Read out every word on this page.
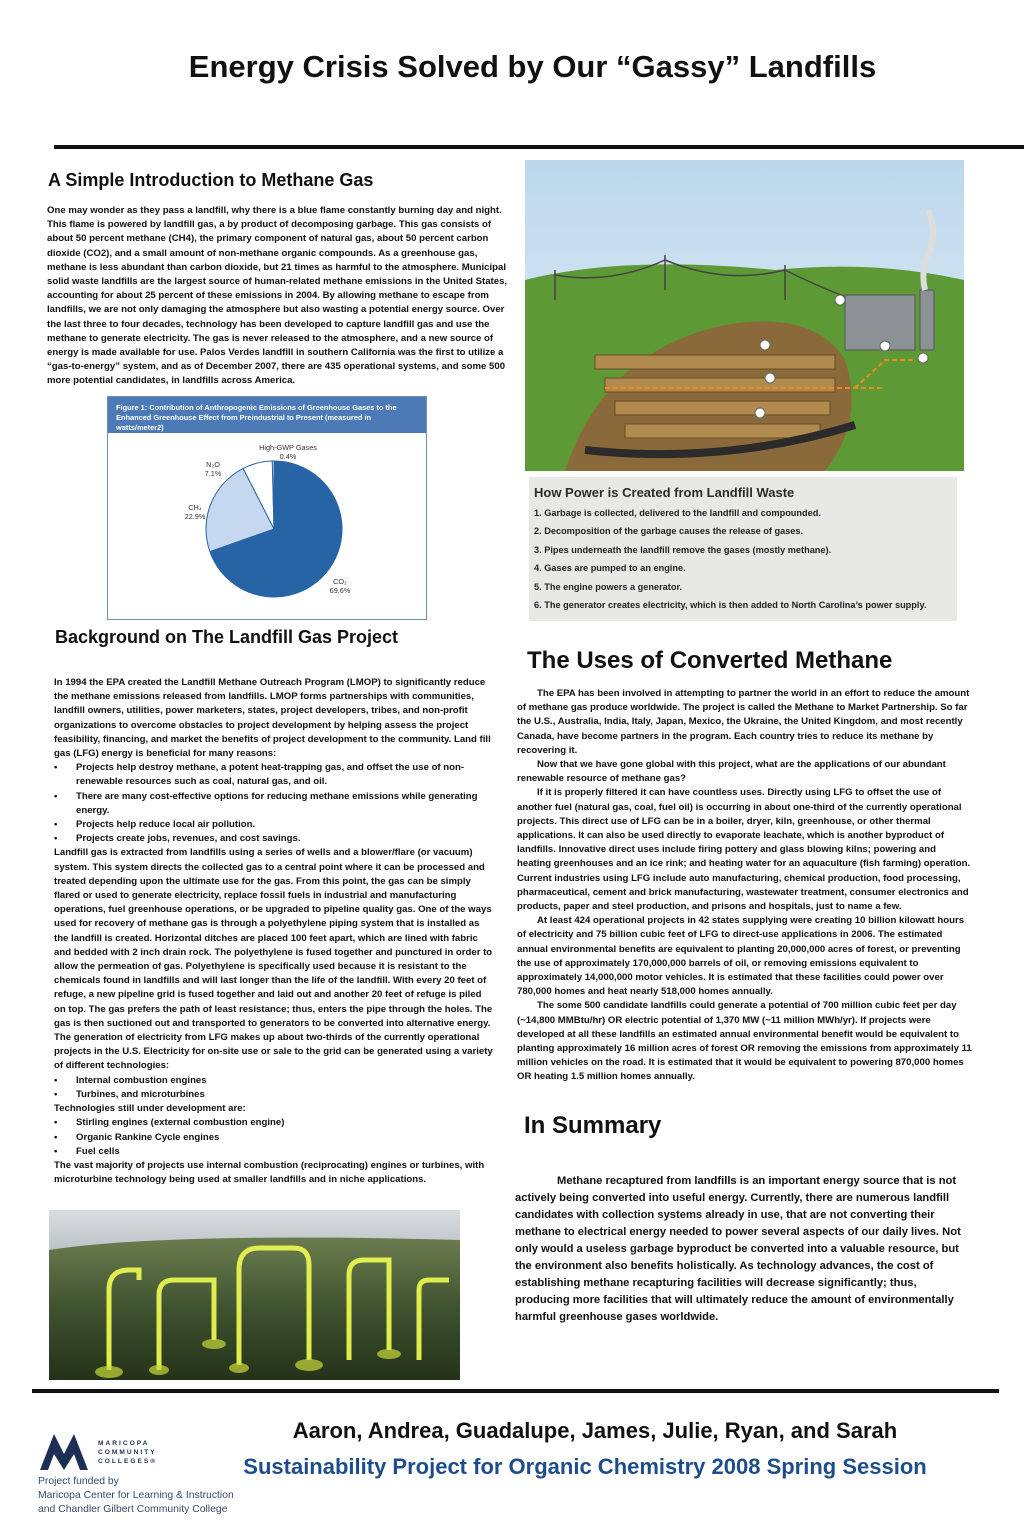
Energy Crisis Solved by Our “Gassy” Landfills
A Simple Introduction to Methane Gas

One may wonder as they pass a landfill, why there is a blue flame constantly burning day and night. This flame is powered by landfill gas, a by product of decomposing garbage. This gas consists of about 50 percent methane (CH4), the primary component of natural gas, about 50 percent carbon dioxide (CO2), and a small amount of non-methane organic compounds. As a greenhouse gas, methane is less abundant than carbon dioxide, but 21 times as harmful to the atmosphere. Municipal solid waste landfills are the largest source of human-related methane emissions in the United States, accounting for about 25 percent of these emissions in 2004. By allowing methane to escape from landfills, we are not only damaging the atmosphere but also wasting a potential energy source. Over the last three to four decades, technology has been developed to capture landfill gas and use the methane to generate electricity. The gas is never released to the atmosphere, and a new source of energy is made available for use. Palos Verdes landfill in southern California was the first to utilize a “gas-to-energy” system, and as of December 2007, there are 435 operational systems, and some 500 more potential candidates, in landfills across America.

Figure 1: Contribution of Anthropogenic Emissions of Greenhouse Gases to the Enhanced Greenhouse Effect from Preindustrial to Present (measured in watts/meter2)
High-GWP Gases
0.4%
N₂O
7.1%
CH₄
22.9%
CO₂
69.6%
Background on The Landfill Gas Project

In 1994 the EPA created the Landfill Methane Outreach Program (LMOP) to significantly reduce the methane emissions released from landfills. LMOP forms partnerships with communities, landfill owners, utilities, power marketers, states, project developers, tribes, and non-profit organizations to overcome obstacles to project development by helping assess the project feasibility, financing, and market the benefits of project development to the community. Land fill gas (LFG) energy is beneficial for many reasons:

• Projects help destroy methane, a potent heat-trapping gas, and offset the use of non-renewable resources such as coal, natural gas, and oil.

• There are many cost-effective options for reducing methane emissions while generating energy.

• Projects help reduce local air pollution.

• Projects create jobs, revenues, and cost savings.

Landfill gas is extracted from landfills using a series of wells and a blower/flare (or vacuum) system. This system directs the collected gas to a central point where it can be processed and treated depending upon the ultimate use for the gas. From this point, the gas can be simply flared or used to generate electricity, replace fossil fuels in industrial and manufacturing operations, fuel greenhouse operations, or be upgraded to pipeline quality gas. One of the ways used for recovery of methane gas is through a polyethylene piping system that is installed as the landfill is created. Horizontal ditches are placed 100 feet apart, which are lined with fabric and bedded with 2 inch drain rock. The polyethylene is fused together and punctured in order to allow the permeation of gas. Polyethylene is specifically used because it is resistant to the chemicals found in landfills and will last longer than the life of the landfill. With every 20 feet of refuge, a new pipeline grid is fused together and laid out and another 20 feet of refuge is piled on top. The gas prefers the path of least resistance; thus, enters the pipe through the holes. The gas is then suctioned out and transported to generators to be converted into alternative energy.

The generation of electricity from LFG makes up about two-thirds of the currently operational projects in the U.S. Electricity for on-site use or sale to the grid can be generated using a variety of different technologies:

• Internal combustion engines

• Turbines, and microturbines

Technologies still under development are:

• Stirling engines (external combustion engine)

• Organic Rankine Cycle engines

• Fuel cells

The vast majority of projects use internal combustion (reciprocating) engines or turbines, with microturbine technology being used at smaller landfills and in niche applications.

How Power is Created from Landfill Waste
1. Garbage is collected, delivered to the landfill and compounded.
2. Decomposition of the garbage causes the release of gases.
3. Pipes underneath the landfill remove the gases (mostly methane).
4. Gases are pumped to an engine.
5. The engine powers a generator.
6. The generator creates electricity, which is then added to North Carolina’s power supply.
The Uses of Converted Methane

The EPA has been involved in attempting to partner the world in an effort to reduce the amount of methane gas produce worldwide. The project is called the Methane to Market Partnership. So far the U.S., Australia, India, Italy, Japan, Mexico, the Ukraine, the United Kingdom, and most recently Canada, have become partners in the program. Each country tries to reduce its methane by recovering it.

Now that we have gone global with this project, what are the applications of our abundant renewable resource of methane gas?

If it is properly filtered it can have countless uses. Directly using LFG to offset the use of another fuel (natural gas, coal, fuel oil) is occurring in about one-third of the currently operational projects. This direct use of LFG can be in a boiler, dryer, kiln, greenhouse, or other thermal applications. It can also be used directly to evaporate leachate, which is another byproduct of landfills. Innovative direct uses include firing pottery and glass blowing kilns; powering and heating greenhouses and an ice rink; and heating water for an aquaculture (fish farming) operation. Current industries using LFG include auto manufacturing, chemical production, food processing, pharmaceutical, cement and brick manufacturing, wastewater treatment, consumer electronics and products, paper and steel production, and prisons and hospitals, just to name a few.

At least 424 operational projects in 42 states supplying were creating 10 billion kilowatt hours of electricity and 75 billion cubic feet of LFG to direct-use applications in 2006. The estimated annual environmental benefits are equivalent to planting 20,000,000 acres of forest, or preventing the use of approximately 170,000,000 barrels of oil, or removing emissions equivalent to approximately 14,000,000 motor vehicles. It is estimated that these facilities could power over 780,000 homes and heat nearly 518,000 homes annually.

The some 500 candidate landfills could generate a potential of 700 million cubic feet per day (~14,800 MMBtu/hr) OR electric potential of 1,370 MW (~11 million MWh/yr). If projects were developed at all these landfills an estimated annual environmental benefit would be equivalent to planting approximately 16 million acres of forest OR removing the emissions from approximately 11 million vehicles on the road. It is estimated that it would be equivalent to powering 870,000 homes OR heating 1.5 million homes annually.

In Summary

Methane recaptured from landfills is an important energy source that is not actively being converted into useful energy. Currently, there are numerous landfill candidates with collection systems already in use, that are not converting their methane to electrical energy needed to power several aspects of our daily lives. Not only would a useless garbage byproduct be converted into a valuable resource, but the environment also benefits holistically. As technology advances, the cost of establishing methane recapturing facilities will decrease significantly; thus, producing more facilities that will ultimately reduce the amount of environmentally harmful greenhouse gases worldwide.

MARICOPA
COMMUNITY
COLLEGES®
Project funded by
Maricopa Center for Learning & Instruction
and Chandler Gilbert Community College
Aaron, Andrea, Guadalupe, James, Julie, Ryan, and Sarah
Sustainability Project for Organic Chemistry 2008 Spring Session
